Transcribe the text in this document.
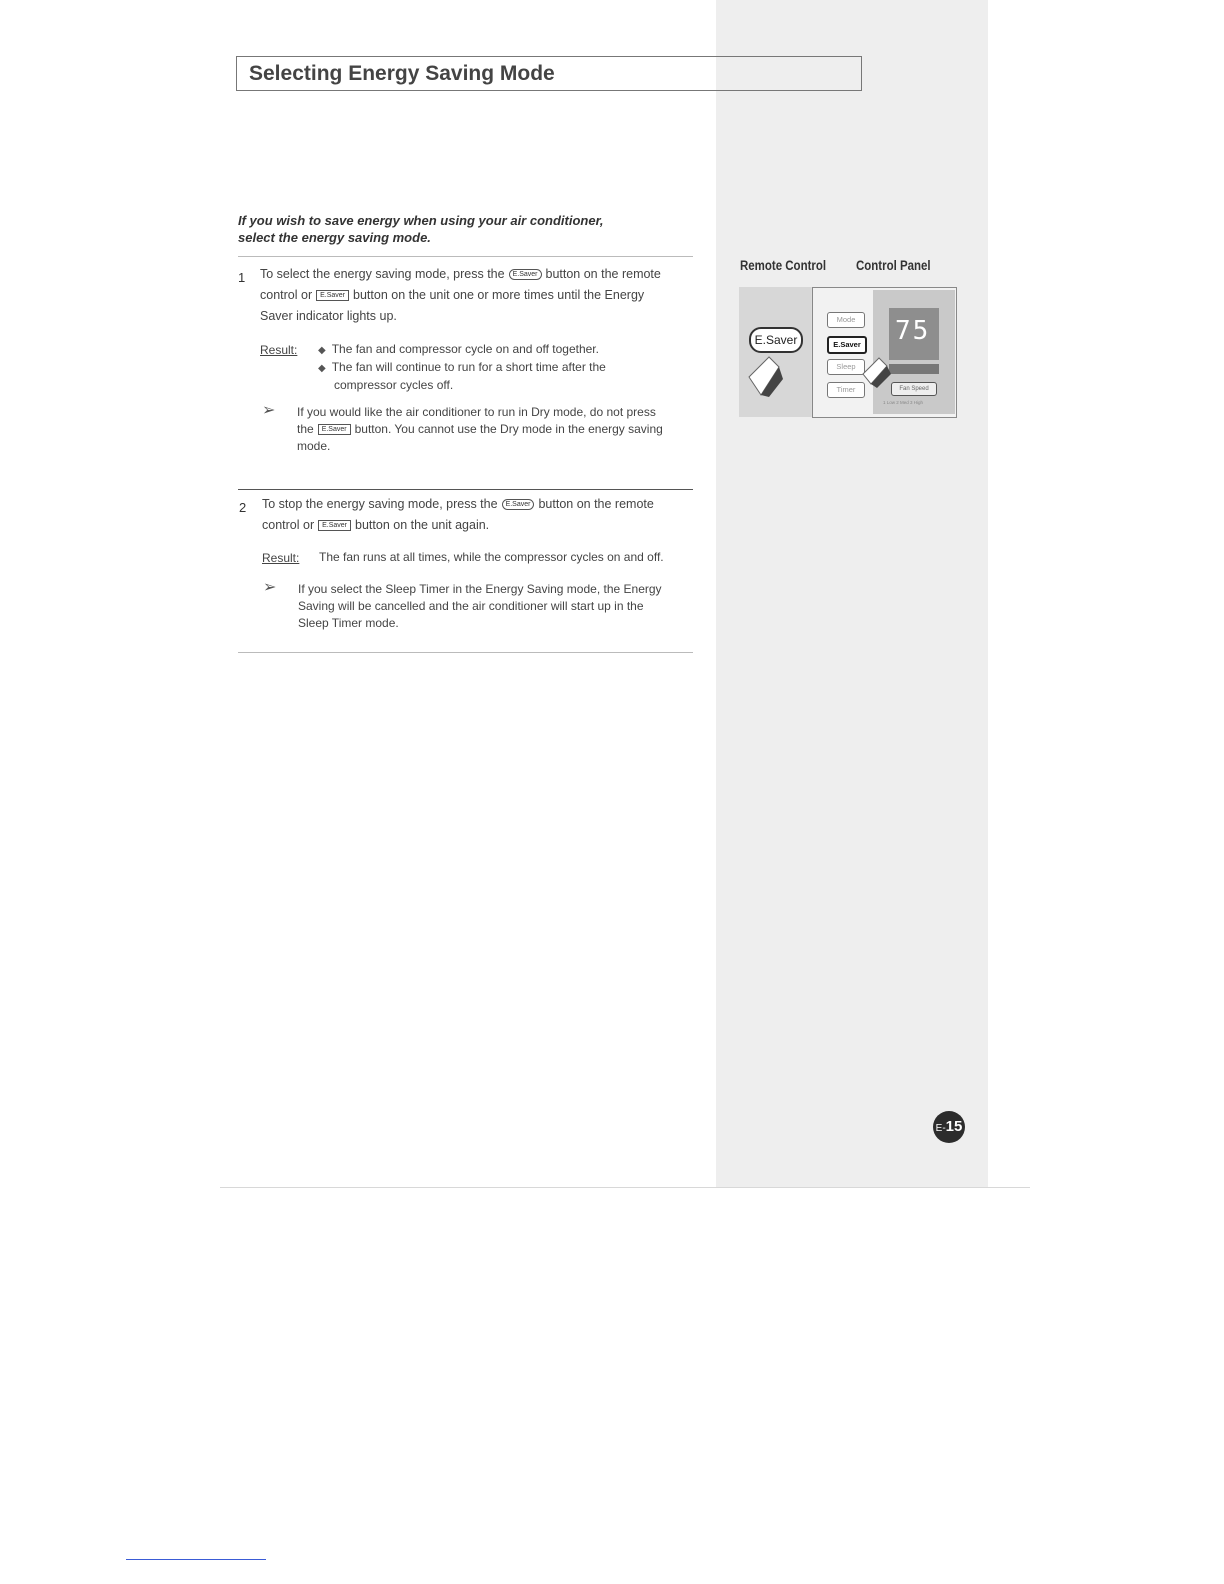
Selecting Energy Saving Mode
If you wish to save energy when using your air conditioner,
select the energy saving mode.
1 To select the energy saving mode, press the E.Saver button on the remote
control or E.Saver button on the unit one or more times until the Energy
Saver indicator lights up.
Result: ◆ The fan and compressor cycle on and off together.
◆ The fan will continue to run for a short time after the
compressor cycles off.
➢ If you would like the air conditioner to run in Dry mode, do not press
the E.Saver button. You cannot use the Dry mode in the energy saving
mode.
2 To stop the energy saving mode, press the E.Saver button on the remote
control or E.Saver button on the unit again.
Result: The fan runs at all times, while the compressor cycles on and off.
➢ If you select the Sleep Timer in the Energy Saving mode, the Energy
Saving will be cancelled and the air conditioner will start up in the
Sleep Timer mode.
Remote Control Control Panel
E.Saver
Mode
E.Saver
Sleep
Timer
75
Fan Speed
1 Low 2 Med 3 High
E-15
